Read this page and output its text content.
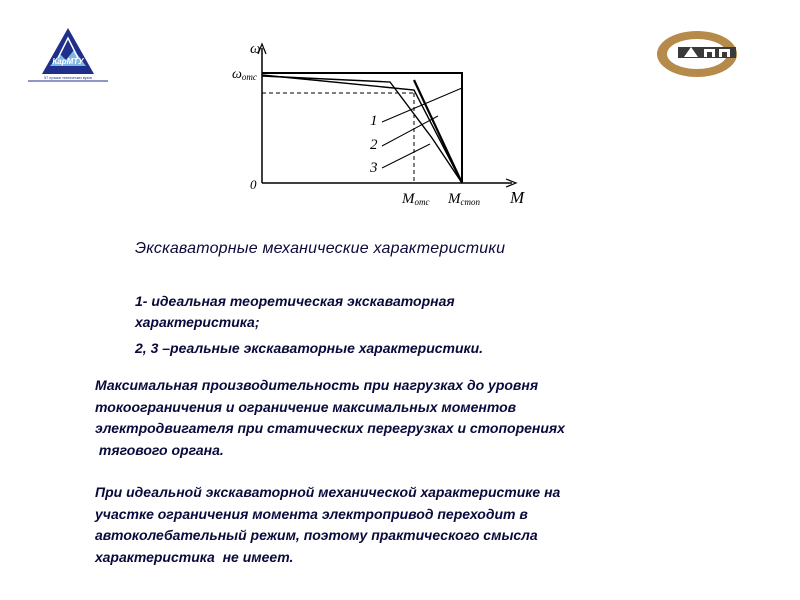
КарМТУ
57 лучших технических вузов
ω
ωотс
0
1
2
3
Mотс Mстоп M
Экскаваторные механические характеристики
1- идеальная теоретическая экскаваторная
характеристика;
2, 3 –реальные экскаваторные характеристики.
Максимальная производительность при нагрузках до уровня
токоограничения и ограничение максимальных моментов
электродвигателя при статических перегрузках и стопорениях
тягового органа.
При идеальной экскаваторной механической характеристике на
участке ограничения момента электропривод переходит в
автоколебательный режим, поэтому практического смысла
характеристика  не имеет.
